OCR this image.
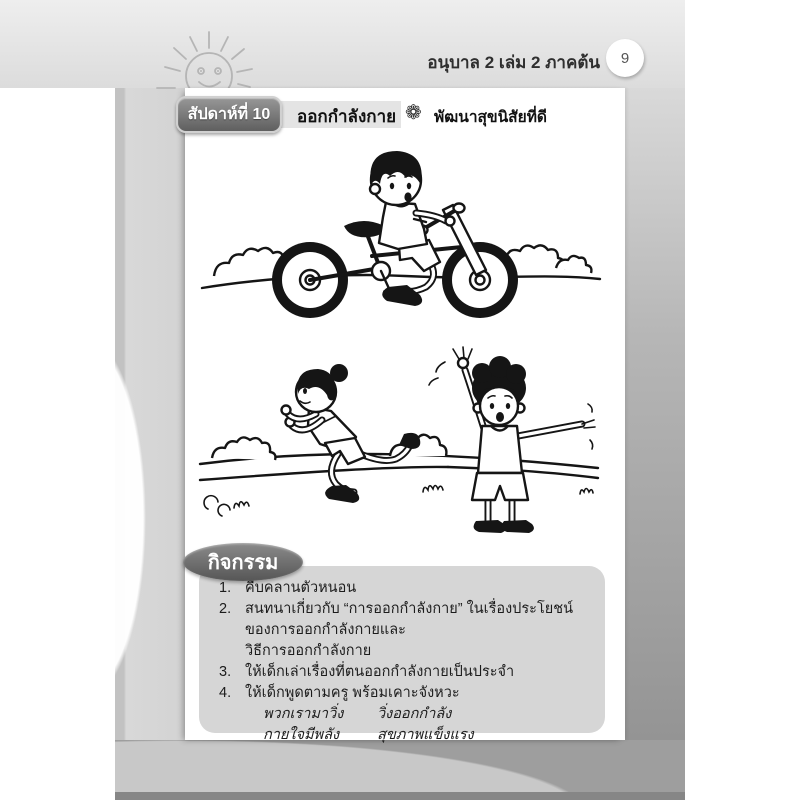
อนุบาล 2 เล่ม 2 ภาคต้น 9
สัปดาห์ที่ 10 ออกกำลังกาย ❁ พัฒนาสุขนิสัยที่ดี
กิจกรรม
1. คืบคลานตัวหนอน
2. สนทนาเกี่ยวกับ “การออกกำลังกาย” ในเรื่องประโยชน์ของการออกกำลังกายและ
วิธีการออกกำลังกาย
3. ให้เด็กเล่าเรื่องที่ตนออกกำลังกายเป็นประจำ
4. ให้เด็กพูดตามครู พร้อมเคาะจังหวะ
พวกเรามาวิ่ง	วิ่งออกกำลัง
กายใจมีพลัง	สุขภาพแข็งแรง
